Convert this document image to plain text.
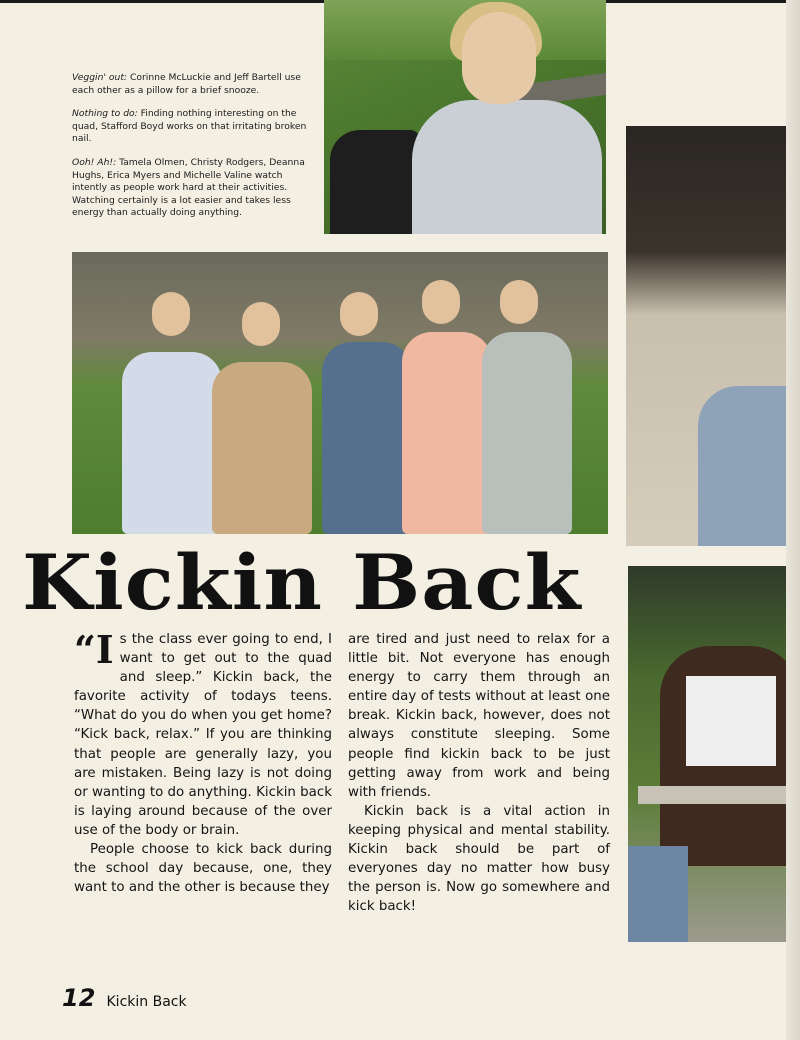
Veggin' out: Corinne McLuckie and Jeff Bartell use each other as a pillow for a brief snooze.

Nothing to do: Finding nothing interesting on the quad, Stafford Boyd works on that irritating broken nail.

Ooh! Ah!: Tamela Olmen, Christy Rodgers, Deanna Hughs, Erica Myers and Michelle Valine watch intently as people work hard at their activities. Watching certainly is a lot easier and takes less energy than actually doing anything.

Kickin Back

“Is the class ever going to end, I want to get out to the quad and sleep.” Kickin back, the favorite activity of todays teens. “What do you do when you get home? “Kick back, relax.” If you are thinking that people are generally lazy, you are mistaken. Being lazy is not doing or wanting to do anything. Kickin back is laying around because of the over use of the body or brain.

People choose to kick back during the school day because, one, they want to and the other is because they

are tired and just need to relax for a little bit. Not everyone has enough energy to carry them through an entire day of tests without at least one break. Kickin back, however, does not always constitute sleeping. Some people find kickin back to be just getting away from work and being with friends.

Kickin back is a vital action in keeping physical and mental stability. Kickin back should be part of everyones day no matter how busy the person is. Now go somewhere and kick back!

12 Kickin Back
